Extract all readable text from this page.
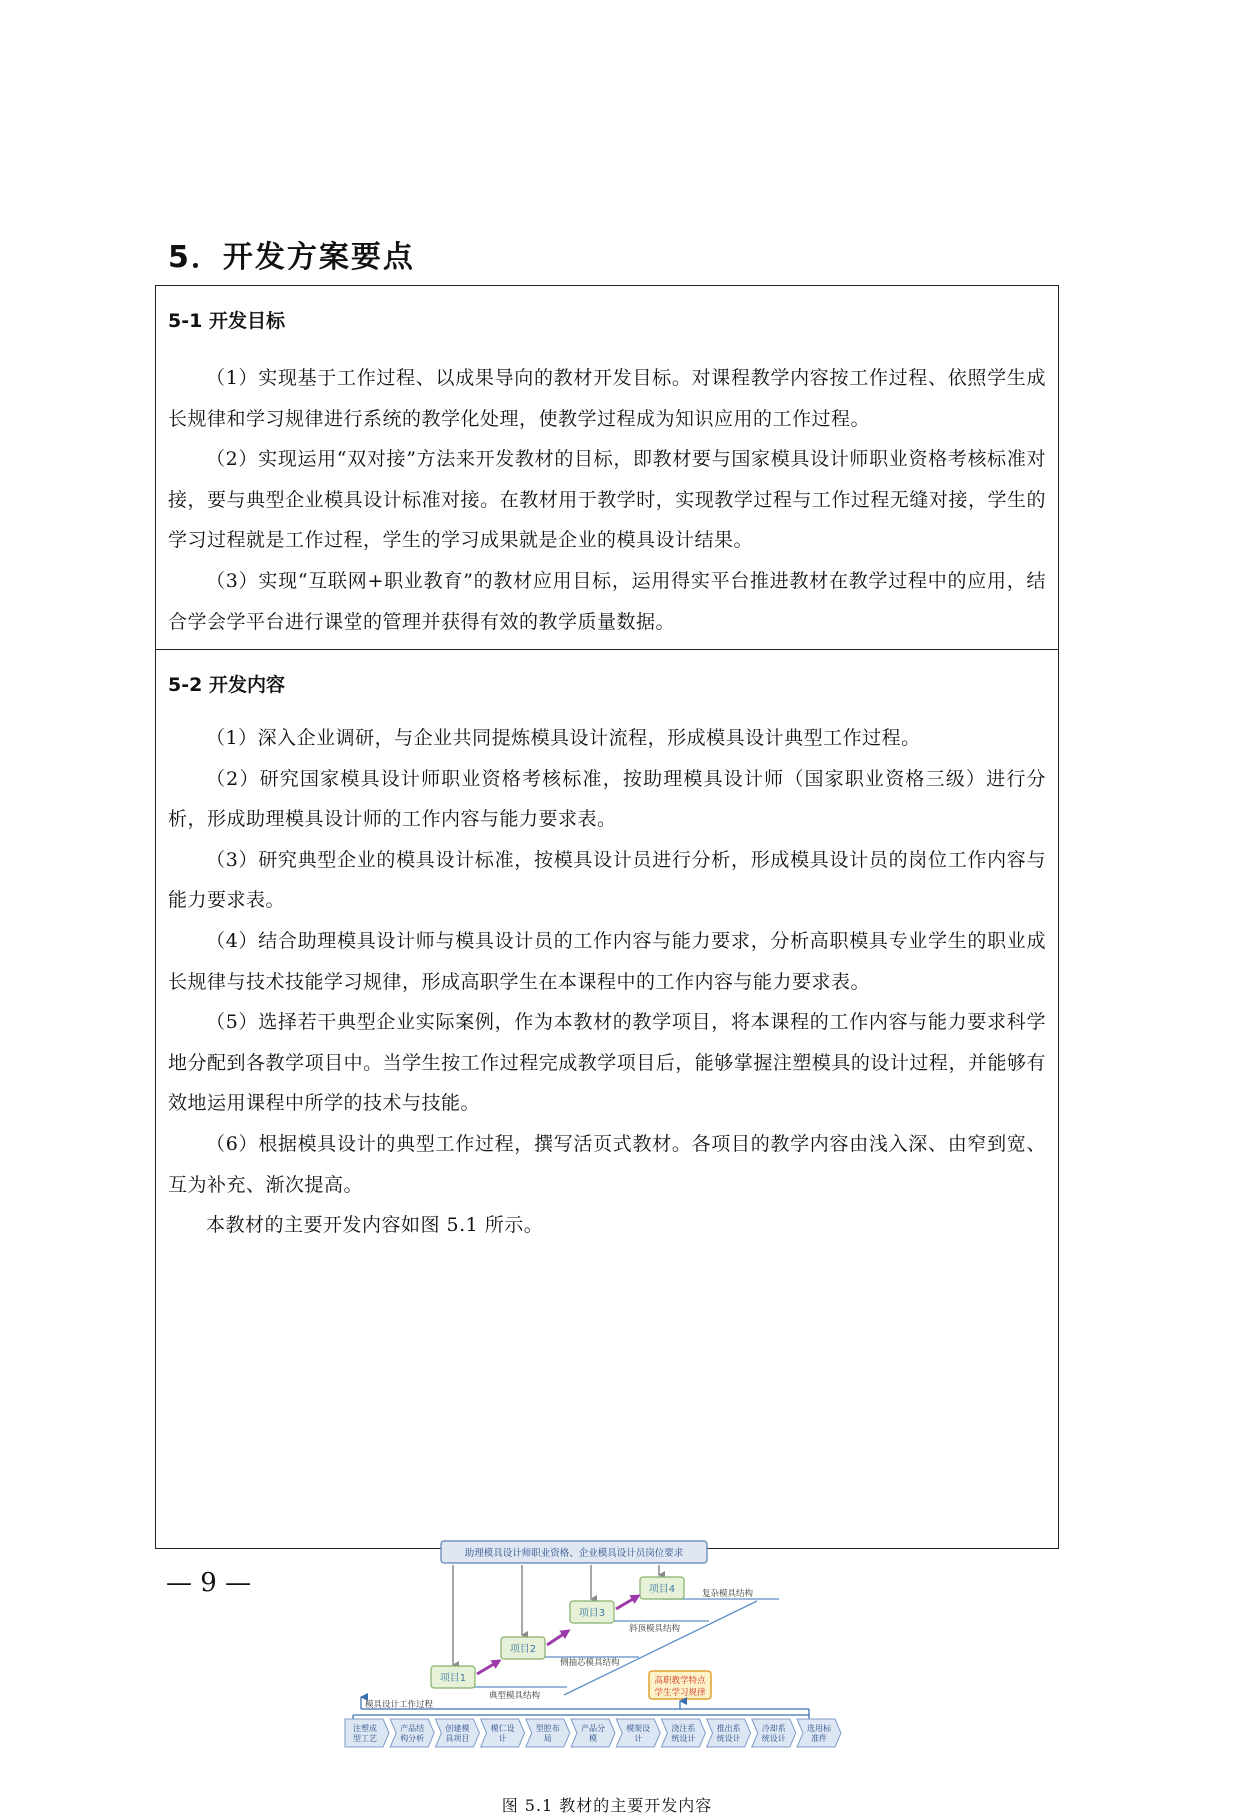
5．开发方案要点
5-1 开发目标

（1）实现基于工作过程、以成果导向的教材开发目标。对课程教学内容按工作过程、依照学生成长规律和学习规律进行系统的教学化处理，使教学过程成为知识应用的工作过程。

（2）实现运用“双对接”方法来开发教材的目标，即教材要与国家模具设计师职业资格考核标准对接，要与典型企业模具设计标准对接。在教材用于教学时，实现教学过程与工作过程无缝对接，学生的学习过程就是工作过程，学生的学习成果就是企业的模具设计结果。

（3）实现“互联网+职业教育”的教材应用目标，运用得实平台推进教材在教学过程中的应用，结合学会学平台进行课堂的管理并获得有效的教学质量数据。

5-2 开发内容

（1）深入企业调研，与企业共同提炼模具设计流程，形成模具设计典型工作过程。

（2）研究国家模具设计师职业资格考核标准，按助理模具设计师（国家职业资格三级）进行分析，形成助理模具设计师的工作内容与能力要求表。

（3）研究典型企业的模具设计标准，按模具设计员进行分析，形成模具设计员的岗位工作内容与能力要求表。

（4）结合助理模具设计师与模具设计员的工作内容与能力要求，分析高职模具专业学生的职业成长规律与技术技能学习规律，形成高职学生在本课程中的工作内容与能力要求表。

（5）选择若干典型企业实际案例，作为本教材的教学项目，将本课程的工作内容与能力要求科学地分配到各教学项目中。当学生按工作过程完成教学项目后，能够掌握注塑模具的设计过程，并能够有效地运用课程中所学的技术与技能。

（6）根据模具设计的典型工作过程，撰写活页式教材。各项目的教学内容由浅入深、由窄到宽、互为补充、渐次提高。

本教材的主要开发内容如图 5.1 所示。

助理模具设计师职业资格、企业模具设计员岗位要求
项目1
项目2
项目3
项目4
典型模具结构
侧抽芯模具结构
斜顶模具结构
复杂模具结构
高职教学特点
学生学习规律
模具设计工作过程
注塑成
型工艺
产品结
构分析
创建模
具项目
模仁设
计
型腔布
局
产品分
模
模架设
计
浇注系
统设计
推出系
统设计
冷却系
统设计
选用标
准件

图 5.1 教材的主要开发内容

— 9 —
